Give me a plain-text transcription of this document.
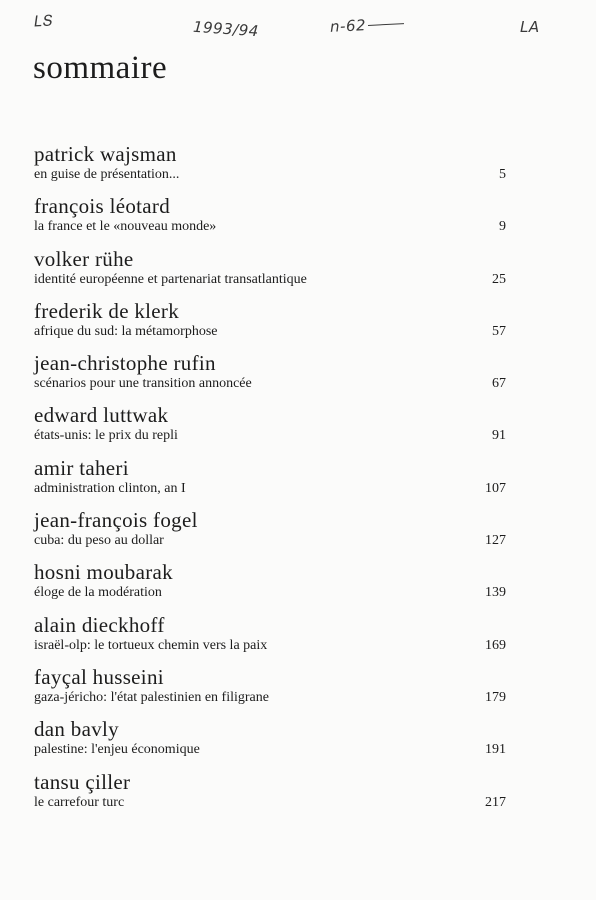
ԼՏ	1993/94	n-62	LA
sommaire
patrick wajsman
en guise de présentation...	5
françois léotard
la france et le «nouveau monde»	9
volker rühe
identité européenne et partenariat transatlantique	25
frederik de klerk
afrique du sud: la métamorphose	57
jean-christophe rufin
scénarios pour une transition annoncée	67
edward luttwak
états-unis: le prix du repli	91
amir taheri
administration clinton, an I	107
jean-françois fogel
cuba: du peso au dollar	127
hosni moubarak
éloge de la modération	139
alain dieckhoff
israël-olp: le tortueux chemin vers la paix	169
fayçal husseini
gaza-jéricho: l'état palestinien en filigrane	179
dan bavly
palestine: l'enjeu économique	191
tansu çiller
le carrefour turc	217
